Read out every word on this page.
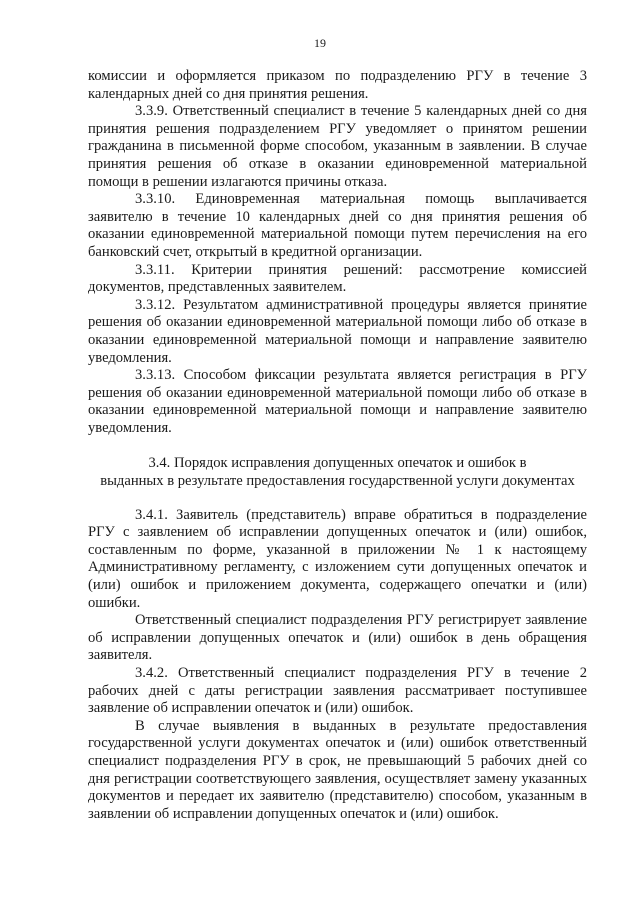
19

комиссии и оформляется приказом по подразделению РГУ в течение 3 календарных дней со дня принятия решения.

3.3.9. Ответственный специалист в течение 5 календарных дней со дня принятия решения подразделением РГУ уведомляет о принятом решении гражданина в письменной форме способом, указанным в заявлении. В случае принятия решения об отказе в оказании единовременной материальной помощи в решении излагаются причины отказа.

3.3.10. Единовременная материальная помощь выплачивается заявителю в течение 10 календарных дней со дня принятия решения об оказании единовременной материальной помощи путем перечисления на его банковский счет, открытый в кредитной организации.

3.3.11. Критерии принятия решений: рассмотрение комиссией документов, представленных заявителем.

3.3.12. Результатом административной процедуры является принятие решения об оказании единовременной материальной помощи либо об отказе в оказании единовременной материальной помощи и направление заявителю уведомления.

3.3.13. Способом фиксации результата является регистрация в РГУ решения об оказании единовременной материальной помощи либо об отказе в оказании единовременной материальной помощи и направление заявителю уведомления.

3.4. Порядок исправления допущенных опечаток и ошибок в
выданных в результате предоставления государственной услуги документах

3.4.1. Заявитель (представитель) вправе обратиться в подразделение РГУ с заявлением об исправлении допущенных опечаток и (или) ошибок, составленным по форме, указанной в приложении № 1 к настоящему Административному регламенту, с изложением сути допущенных опечаток и (или) ошибок и приложением документа, содержащего опечатки и (или) ошибки.

Ответственный специалист подразделения РГУ регистрирует заявление об исправлении допущенных опечаток и (или) ошибок в день обращения заявителя.

3.4.2. Ответственный специалист подразделения РГУ в течение 2 рабочих дней с даты регистрации заявления рассматривает поступившее заявление об исправлении опечаток и (или) ошибок.

В случае выявления в выданных в результате предоставления государственной услуги документах опечаток и (или) ошибок ответственный специалист подразделения РГУ в срок, не превышающий 5 рабочих дней со дня регистрации соответствующего заявления, осуществляет замену указанных документов и передает их заявителю (представителю) способом, указанным в заявлении об исправлении допущенных опечаток и (или) ошибок.
